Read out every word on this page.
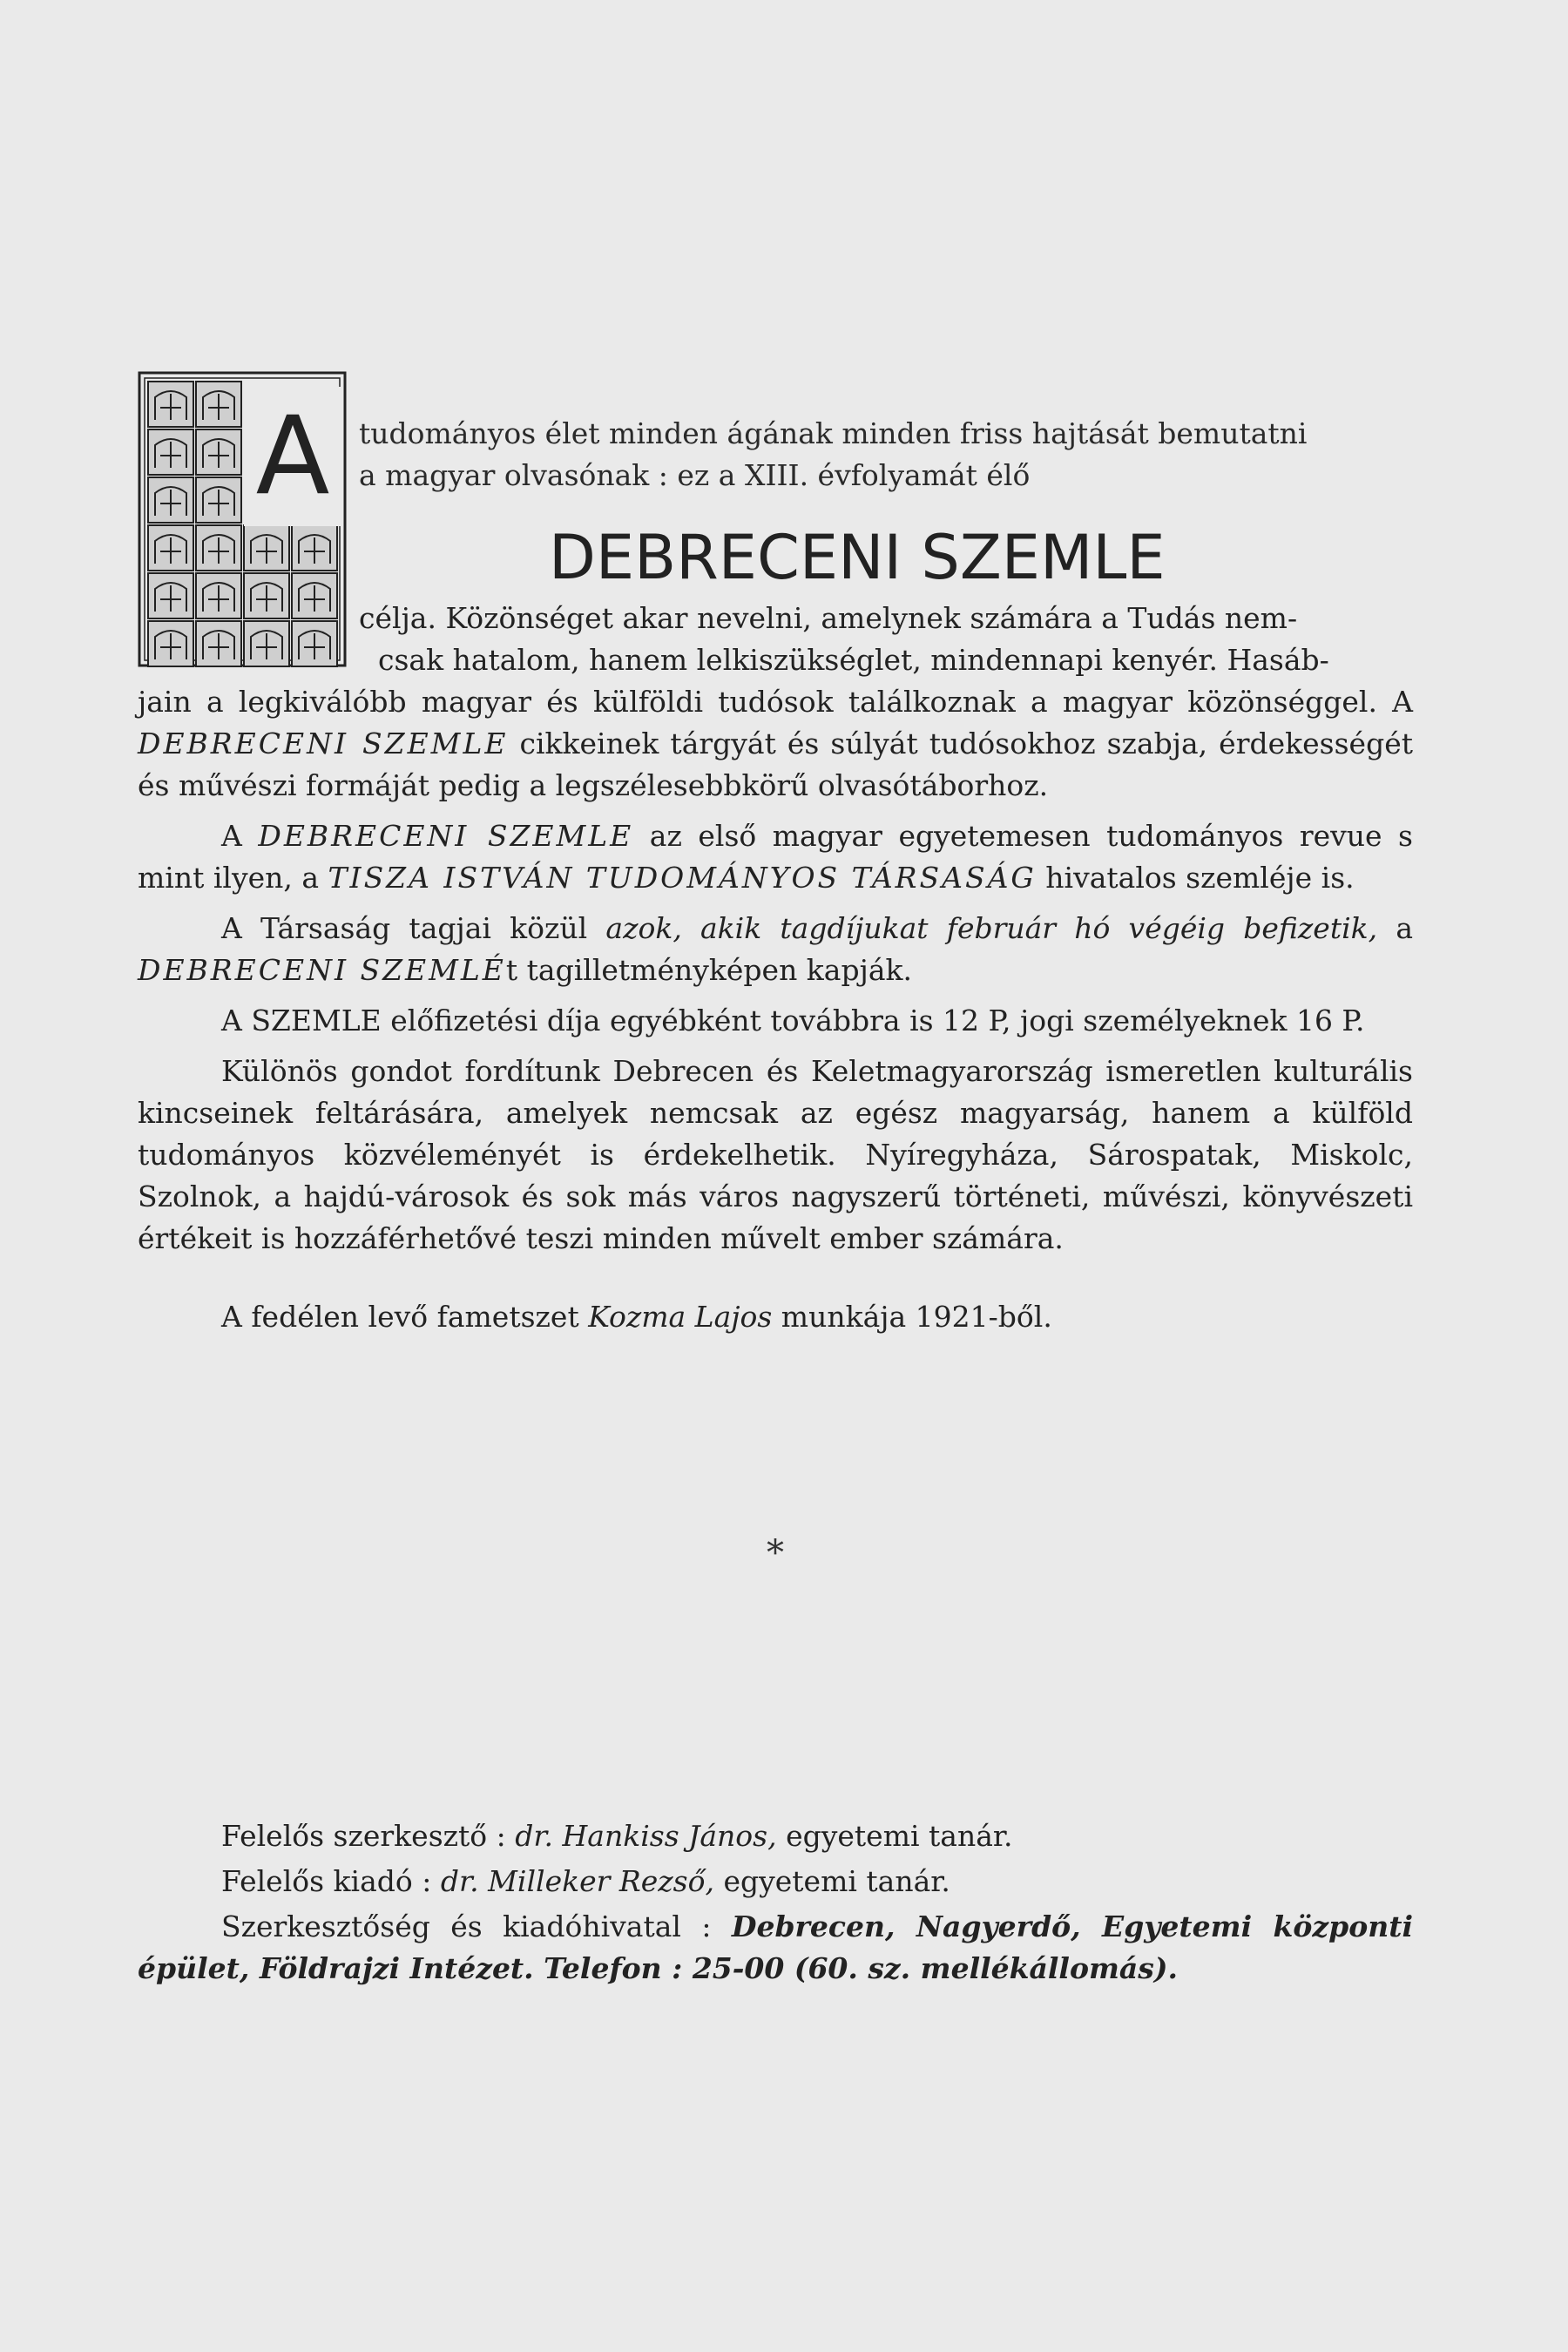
A	tudományos élet minden ágának minden friss hajtását bemutatni
a magyar olvasónak : ez a XIII. évfolyamát élő
DEBRECENI SZEMLE
célja. Közönséget akar nevelni, amelynek számára a Tudás nem-
csak hatalom, hanem lelkiszükséglet, mindennapi kenyér. Hasáb-

jain a legkiválóbb magyar és külföldi tudósok találkoznak a magyar közönséggel. A DEBRECENI SZEMLE cikkeinek tárgyát és súlyát tudósokhoz szabja, érdekességét és művészi formáját pedig a legszélesebbkörű olvasótáborhoz.

A DEBRECENI SZEMLE az első magyar egyetemesen tudományos revue s mint ilyen, a TISZA ISTVÁN TUDOMÁNYOS TÁRSASÁG hivatalos szemléje is.

A Társaság tagjai közül azok, akik tagdíjukat február hó végéig befizetik, a DEBRECENI SZEMLÉt tagilletményképen kapják.

A SZEMLE előfizetési díja egyébként továbbra is 12 P, jogi személyeknek 16 P.

Különös gondot fordítunk Debrecen és Keletmagyarország ismeretlen kulturális kincseinek feltárására, amelyek nemcsak az egész magyarság, hanem a külföld tudományos közvéleményét is érdekelhetik. Nyíregyháza, Sárospatak, Miskolc, Szolnok, a hajdú-városok és sok más város nagyszerű történeti, művészi, könyvészeti értékeit is hozzáférhetővé teszi minden művelt ember számára.

A fedélen levő fametszet Kozma Lajos munkája 1921-ből.

*

Felelős szerkesztő : dr. Hankiss János, egyetemi tanár.

Felelős kiadó : dr. Milleker Rezső, egyetemi tanár.

Szerkesztőség és kiadóhivatal : Debrecen, Nagyerdő, Egyetemi központi épület, Földrajzi Intézet. Telefon : 25-00 (60. sz. mellékállomás).
